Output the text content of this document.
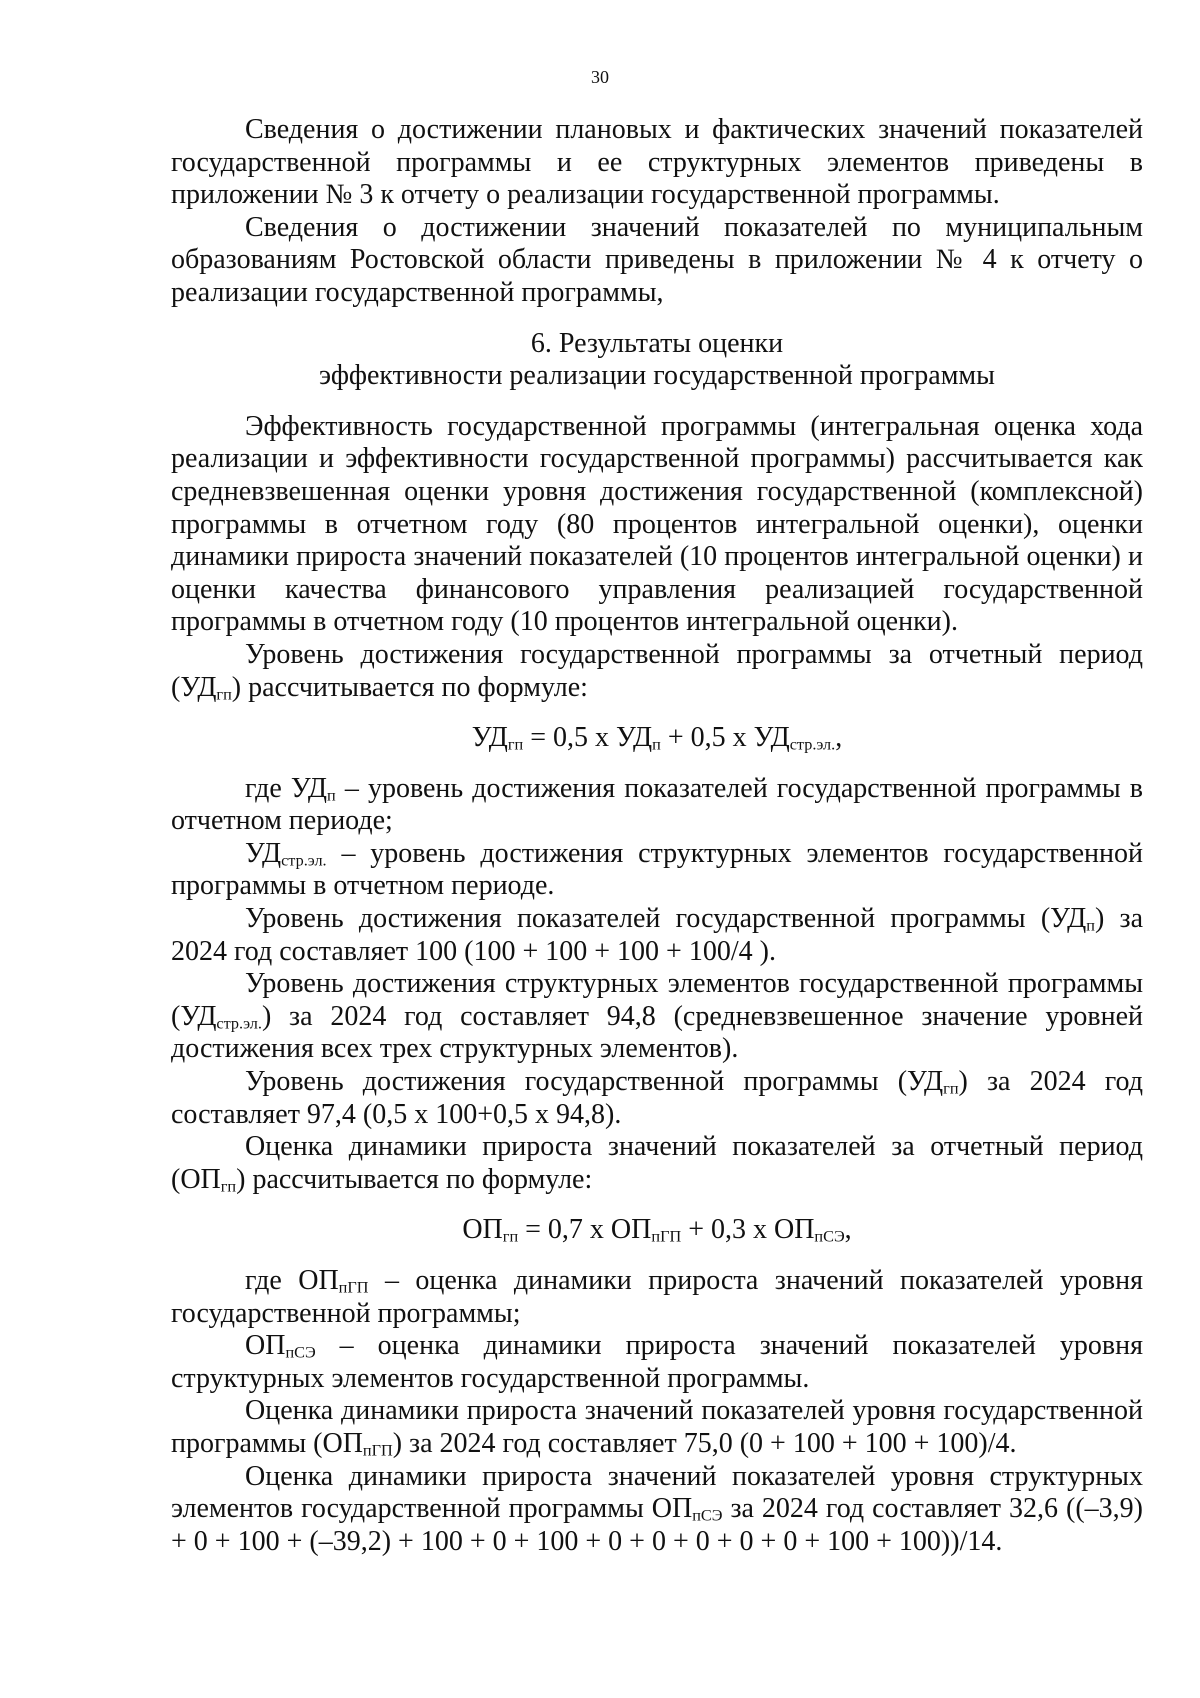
30

Сведения о достижении плановых и фактических значений показателей государственной программы и ее структурных элементов приведены в приложении № 3 к отчету о реализации государственной программы.

Сведения о достижении значений показателей по муниципальным образованиям Ростовской области приведены в приложении № 4 к отчету о реализации государственной программы,

6. Результаты оценки

эффективности реализации государственной программы

Эффективность государственной программы (интегральная оценка хода реализации и эффективности государственной программы) рассчитывается как средневзвешенная оценки уровня достижения государственной (комплексной) программы в отчетном году (80 процентов интегральной оценки), оценки динамики прироста значений показателей (10 процентов интегральной оценки) и оценки качества финансового управления реализацией государственной программы в отчетном году (10 процентов интегральной оценки).

Уровень достижения государственной программы за отчетный период $(УД_{гп})$ рассчитывается по формуле:

$УД_{гп} = 0,5$ x $УД_п + 0,5$ x $УД_{стр.эл.}$,

где $УД_п$ – уровень достижения показателей государственной программы в отчетном периоде;

$УД_{стр.эл.}$ – уровень достижения структурных элементов государственной программы в отчетном периоде.

Уровень достижения показателей государственной программы $(УД_п)$ за 2024 год составляет 100 (100 + 100 + 100 + 100/4 ).

Уровень достижения структурных элементов государственной программы $(УД_{стр.эл.})$ за 2024 год составляет 94,8 (средневзвешенное значение уровней достижения всех трех структурных элементов).

Уровень достижения государственной программы $(УД_{гп})$ за 2024 год составляет 97,4 (0,5 x 100+0,5 x 94,8).

Оценка динамики прироста значений показателей за отчетный период $(ОП_{гп})$ рассчитывается по формуле:

$ОП_{гп} = 0,7$ x $ОП_{пГП} + 0,3$ x $ОП_{пСЭ}$,

где $ОП_{пГП}$ – оценка динамики прироста значений показателей уровня государственной программы;

$ОП_{пСЭ}$ – оценка динамики прироста значений показателей уровня структурных элементов государственной программы.

Оценка динамики прироста значений показателей уровня государственной программы $(ОП_{пГП})$ за 2024 год составляет 75,0 (0 + 100 + 100 + 100)/4.

Оценка динамики прироста значений показателей уровня структурных элементов государственной программы $ОП_{пСЭ}$ за 2024 год составляет 32,6 ((–3,9) + 0 + 100 + (–39,2) + 100 + 0 + 100 + 0 + 0 + 0 + 0 + 0 + 100 + 100))/14.
